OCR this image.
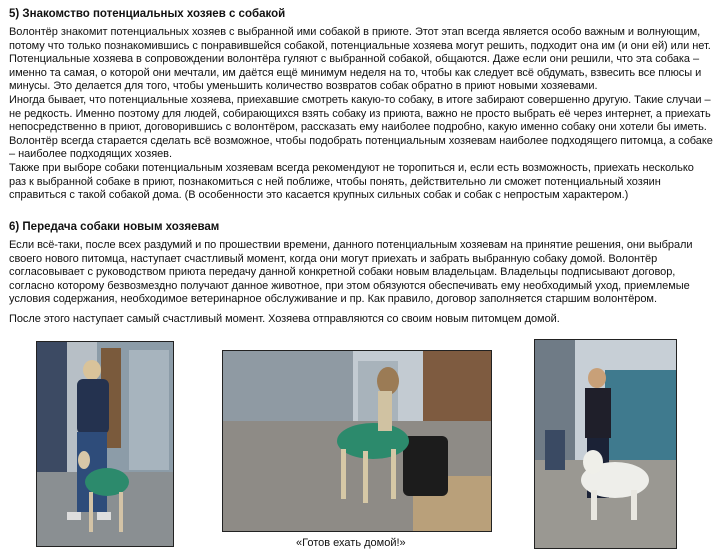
5) Знакомство потенциальных хозяев с собакой
Волонтёр знакомит потенциальных хозяев с выбранной ими собакой в приюте. Этот этап всегда является особо важным и волнующим, потому что только познакомившись с понравившейся собакой, потенциальные хозяева могут решить, подходит она им (и они ей) или нет.
Потенциальные хозяева в сопровождении волонтёра гуляют с выбранной собакой, общаются. Даже если они решили, что эта собака – именно та самая, о которой они мечтали, им даётся ещё минимум неделя на то, чтобы как следует всё обдумать, взвесить все плюсы и минусы. Это делается для того, чтобы уменьшить количество возвратов собак обратно в приют новыми хозяевами.
Иногда бывает, что потенциальные хозяева, приехавшие смотреть какую-то собаку, в итоге забирают совершенно другую. Такие случаи – не редкость. Именно поэтому для людей, собирающихся взять собаку из приюта, важно не просто выбрать её через интернет, а приехать непосредственно в приют, договорившись с волонтёром, рассказать ему наиболее подробно, какую именно собаку они хотели бы иметь. Волонтёр всегда старается сделать всё возможное, чтобы подобрать потенциальным хозяевам наиболее подходящего питомца, а собаке – наиболее подходящих хозяев.
Также при выборе собаки потенциальным хозяевам всегда рекомендуют не торопиться и, если есть возможность, приехать несколько раз к выбранной собаке в приют, познакомиться с ней поближе, чтобы понять, действительно ли сможет потенциальный хозяин справиться с такой собакой дома. (В особенности это касается крупных сильных собак и собак с непростым характером.)
6) Передача собаки новым хозяевам
Если всё-таки, после всех раздумий и по прошествии времени, данного потенциальным хозяевам на принятие решения, они выбрали своего нового питомца, наступает счастливый момент, когда они могут приехать и забрать выбранную собаку домой. Волонтёр согласовывает с руководством приюта передачу данной конкретной собаки новым владельцам. Владельцы подписывают договор, согласно которому безвозмездно получают данное животное, при этом обязуются обеспечивать ему необходимый уход, приемлемые условия содержания, необходимое ветеринарное обслуживание и пр. Как правило, договор заполняется старшим волонтёром.
После этого наступает самый счастливый момент. Хозяева отправляются со своим новым питомцем домой.
«Готов ехать домой!»
